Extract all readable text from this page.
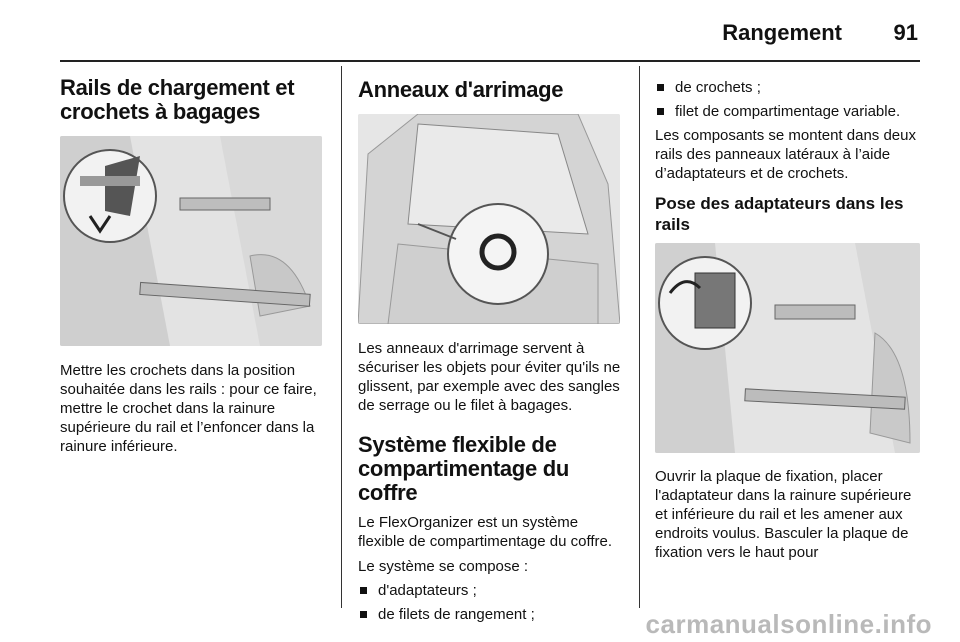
Rangement 91
Rails de chargement et crochets à bagages

Mettre les crochets dans la position souhaitée dans les rails : pour ce faire, mettre le crochet dans la rainure supérieure du rail et l’enfoncer dans la rainure inférieure.

Anneaux d'arrimage

Les anneaux d'arrimage servent à sécuriser les objets pour éviter qu'ils ne glissent, par exemple avec des sangles de serrage ou le filet à bagages.

Système flexible de compartimentage du coffre

Le FlexOrganizer est un système flexible de compartimentage du coffre.

Le système se compose :

d'adaptateurs ;
de filets de rangement ;
de crochets ;
filet de compartimentage variable.

Les composants se montent dans deux rails des panneaux latéraux à l’aide d’adaptateurs et de crochets.

Pose des adaptateurs dans les rails

Ouvrir la plaque de fixation, placer l'adaptateur dans la rainure supérieure et inférieure du rail et les amener aux endroits voulus. Basculer la plaque de fixation vers le haut pour

carmanualsonline.info
